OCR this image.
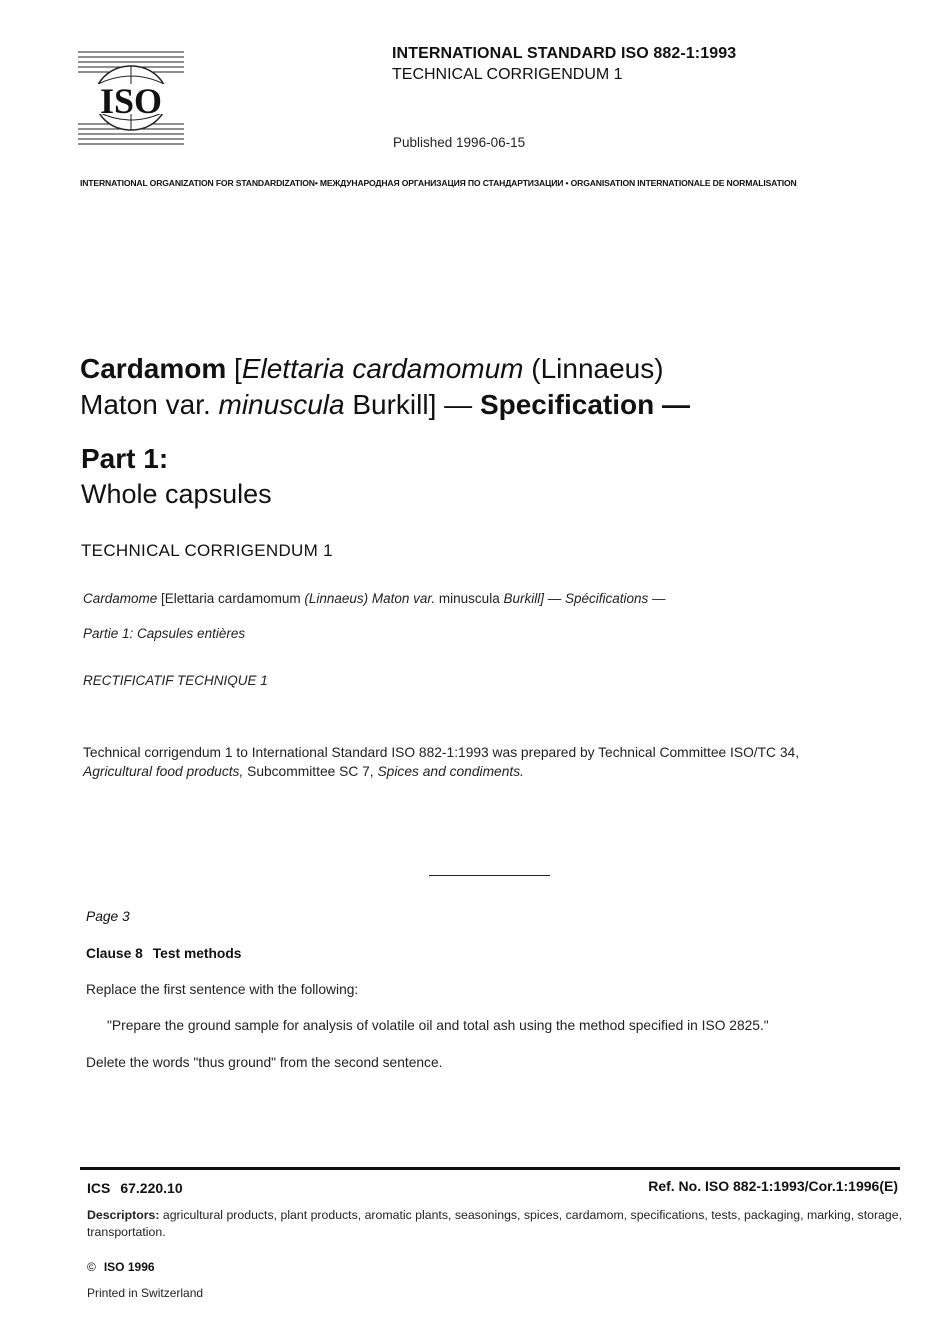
ISO
INTERNATIONAL STANDARD ISO 882-1:1993
TECHNICAL CORRIGENDUM 1
Published 1996-06-15
INTERNATIONAL ORGANIZATION FOR STANDARDIZATION• МЕЖДУНАРОДНАЯ ОРГАНИЗАЦИЯ ПО СТАНДАРТИЗАЦИИ • ORGANISATION INTERNATIONALE DE NORMALISATION
Cardamom [Elettaria cardamomum (Linnaeus)
Maton var. minuscula Burkill] — Specification —
Part 1:
Whole capsules
TECHNICAL CORRIGENDUM 1
Cardamome [Elettaria cardamomum (Linnaeus) Maton var. minuscula Burkill] — Spécifications —
Partie 1: Capsules entières
RECTIFICATIF TECHNIQUE 1
Technical corrigendum 1 to International Standard ISO 882-1:1993 was prepared by Technical Committee ISO/TC 34,
Agricultural food products, Subcommittee SC 7, Spices and condiments.
Page 3
Clause 8 Test methods
Replace the first sentence with the following:
"Prepare the ground sample for analysis of volatile oil and total ash using the method specified in ISO 2825."
Delete the words "thus ground" from the second sentence.
ICS 67.220.10	Ref. No. ISO 882-1:1993/Cor.1:1996(E)
Descriptors: agricultural products, plant products, aromatic plants, seasonings, spices, cardamom, specifications, tests, packaging, marking, storage, transportation.
© ISO 1996
Printed in Switzerland
